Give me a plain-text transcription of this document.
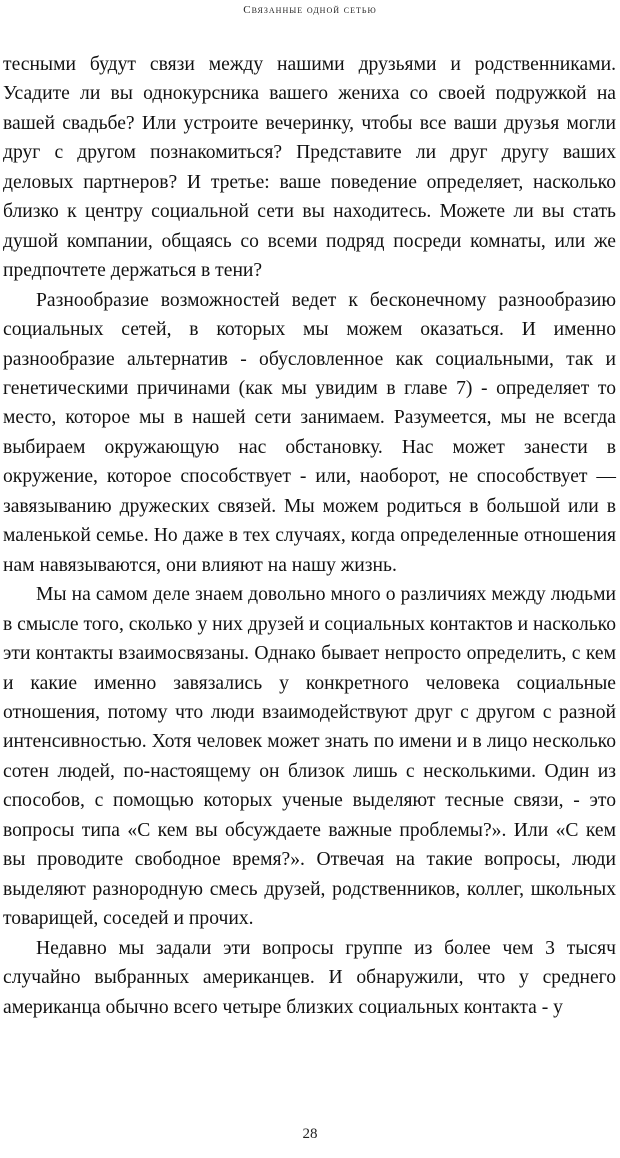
Связанные одной сетью

тесными будут связи между нашими друзьями и родственниками. Усадите ли вы однокурсника вашего жениха со своей подружкой на вашей свадьбе? Или устроите вечеринку, чтобы все ваши друзья могли друг с другом познакомиться? Представите ли друг другу ваших деловых партнеров? И третье: ваше поведение определяет, насколько близко к центру социальной сети вы находитесь. Можете ли вы стать душой компании, общаясь со всеми подряд посреди комнаты, или же предпочтете держаться в тени?

Разнообразие возможностей ведет к бесконечному разнообразию социальных сетей, в которых мы можем оказаться. И именно разнообразие альтернатив - обусловленное как социальными, так и генетическими причинами (как мы увидим в главе 7) - определяет то место, которое мы в нашей сети занимаем. Разумеется, мы не всегда выбираем окружающую нас обстановку. Нас может занести в окружение, которое способствует - или, наоборот, не способствует — завязыванию дружеских связей. Мы можем родиться в большой или в маленькой семье. Но даже в тех случаях, когда определенные отношения нам навязываются, они влияют на нашу жизнь.

Мы на самом деле знаем довольно много о различиях между людьми в смысле того, сколько у них друзей и социальных контактов и насколько эти контакты взаимосвязаны. Однако бывает непросто определить, с кем и какие именно завязались у конкретного человека социальные отношения, потому что люди взаимодействуют друг с другом с разной интенсивностью. Хотя человек может знать по имени и в лицо несколько сотен людей, по-настоящему он близок лишь с несколькими. Один из способов, с помощью которых ученые выделяют тесные связи, - это вопросы типа «С кем вы обсуждаете важные проблемы?». Или «С кем вы проводите свободное время?». Отвечая на такие вопросы, люди выделяют разнородную смесь друзей, родственников, коллег, школьных товарищей, соседей и прочих.

Недавно мы задали эти вопросы группе из более чем 3 тысяч случайно выбранных американцев. И обнаружили, что у среднего американца обычно всего четыре близких социальных контакта - у

28
